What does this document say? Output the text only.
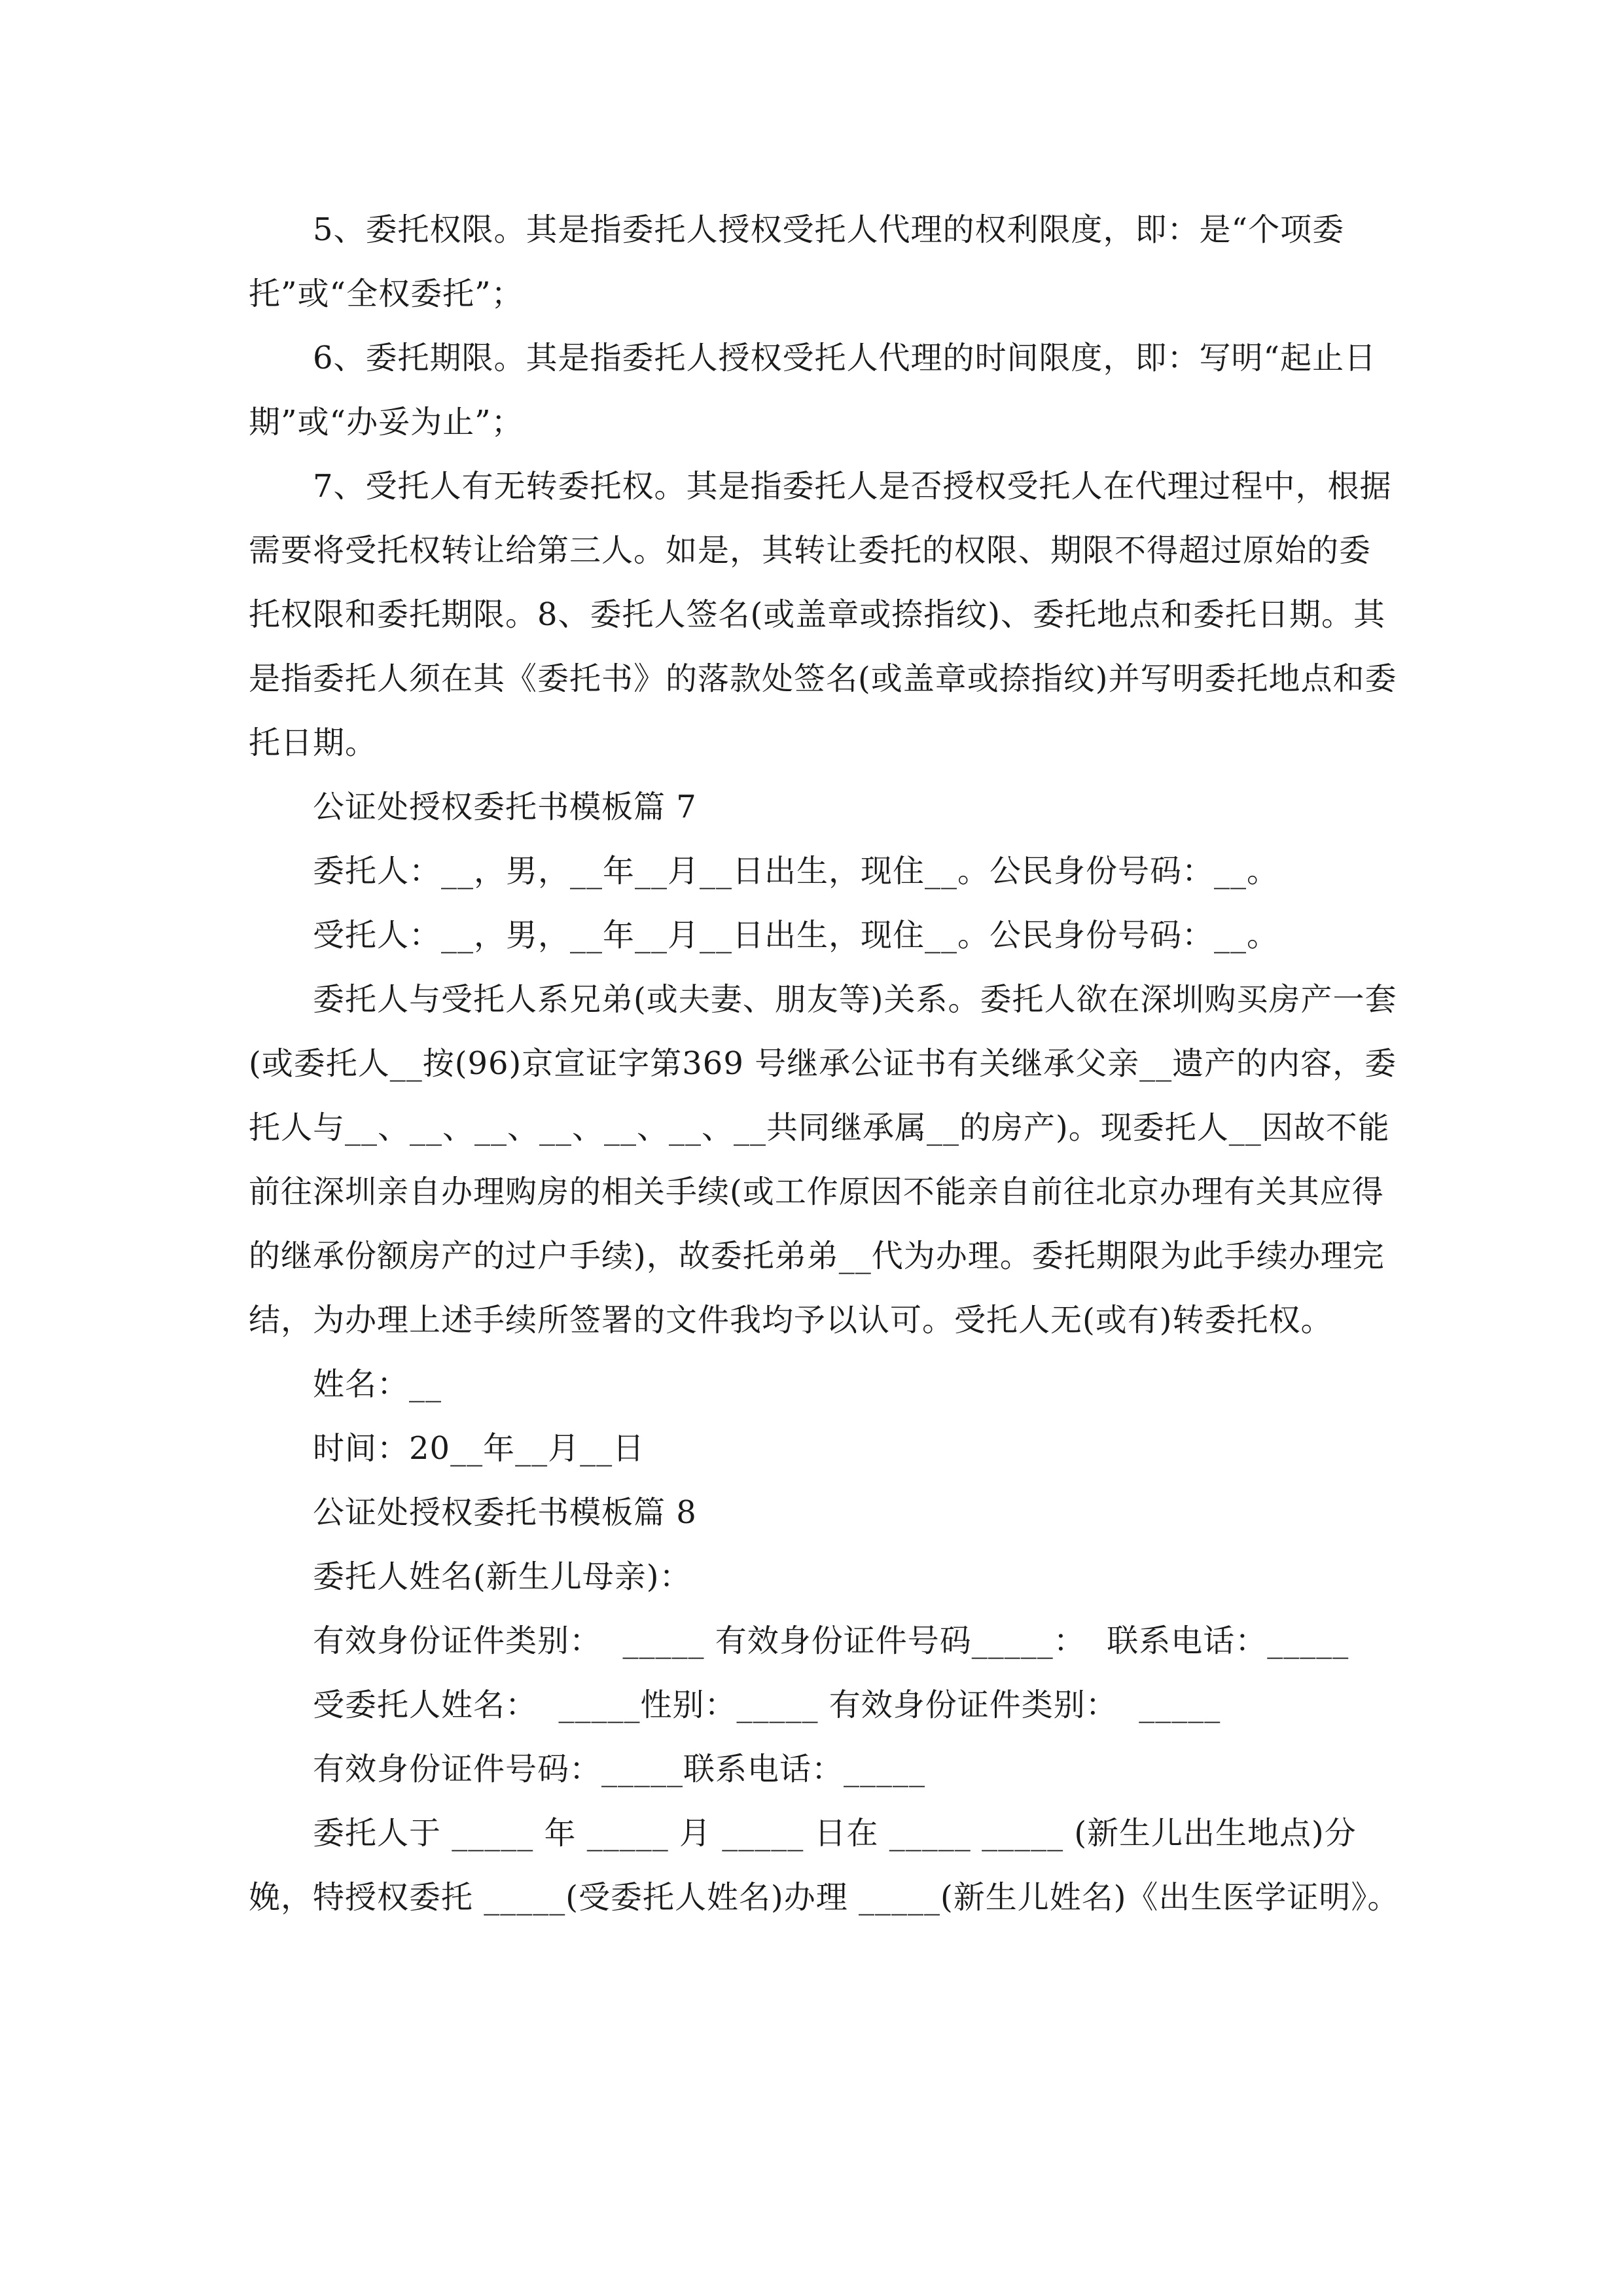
5、委托权限。其是指委托人授权受托人代理的权利限度，即：是“个项委托”或“全权委托”；

6、委托期限。其是指委托人授权受托人代理的时间限度，即：写明“起止日期”或“办妥为止”；

7、受托人有无转委托权。其是指委托人是否授权受托人在代理过程中，根据需要将受托权转让给第三人。如是，其转让委托的权限、期限不得超过原始的委托权限和委托期限。8、委托人签名(或盖章或捺指纹)、委托地点和委托日期。其是指委托人须在其《委托书》的落款处签名(或盖章或捺指纹)并写明委托地点和委托日期。

公证处授权委托书模板篇 7

委托人：__，男，__年__月__日出生，现住__。公民身份号码：__。

受托人：__，男，__年__月__日出生，现住__。公民身份号码：__。

委托人与受托人系兄弟(或夫妻、朋友等)关系。委托人欲在深圳购买房产一套(或委托人__按(96)京宣证字第369 号继承公证书有关继承父亲__遗产的内容，委托人与__、__、__、__、__、__、__共同继承属__的房产)。现委托人__因故不能前往深圳亲自办理购房的相关手续(或工作原因不能亲自前往北京办理有关其应得的继承份额房产的过户手续)，故委托弟弟__代为办理。委托期限为此手续办理完结，为办理上述手续所签署的文件我均予以认可。受托人无(或有)转委托权。

姓名：__

时间：20__年__月__日

公证处授权委托书模板篇 8

委托人姓名(新生儿母亲)：

有效身份证件类别：  _____ 有效身份证件号码_____：  联系电话：_____

受委托人姓名：  _____性别：_____ 有效身份证件类别：  _____

有效身份证件号码：_____联系电话：_____

委托人于 _____ 年 _____ 月 _____ 日在 _____ _____ (新生儿出生地点)分娩，特授权委托 _____(受委托人姓名)办理 _____(新生儿姓名)《出生医学证明》。
